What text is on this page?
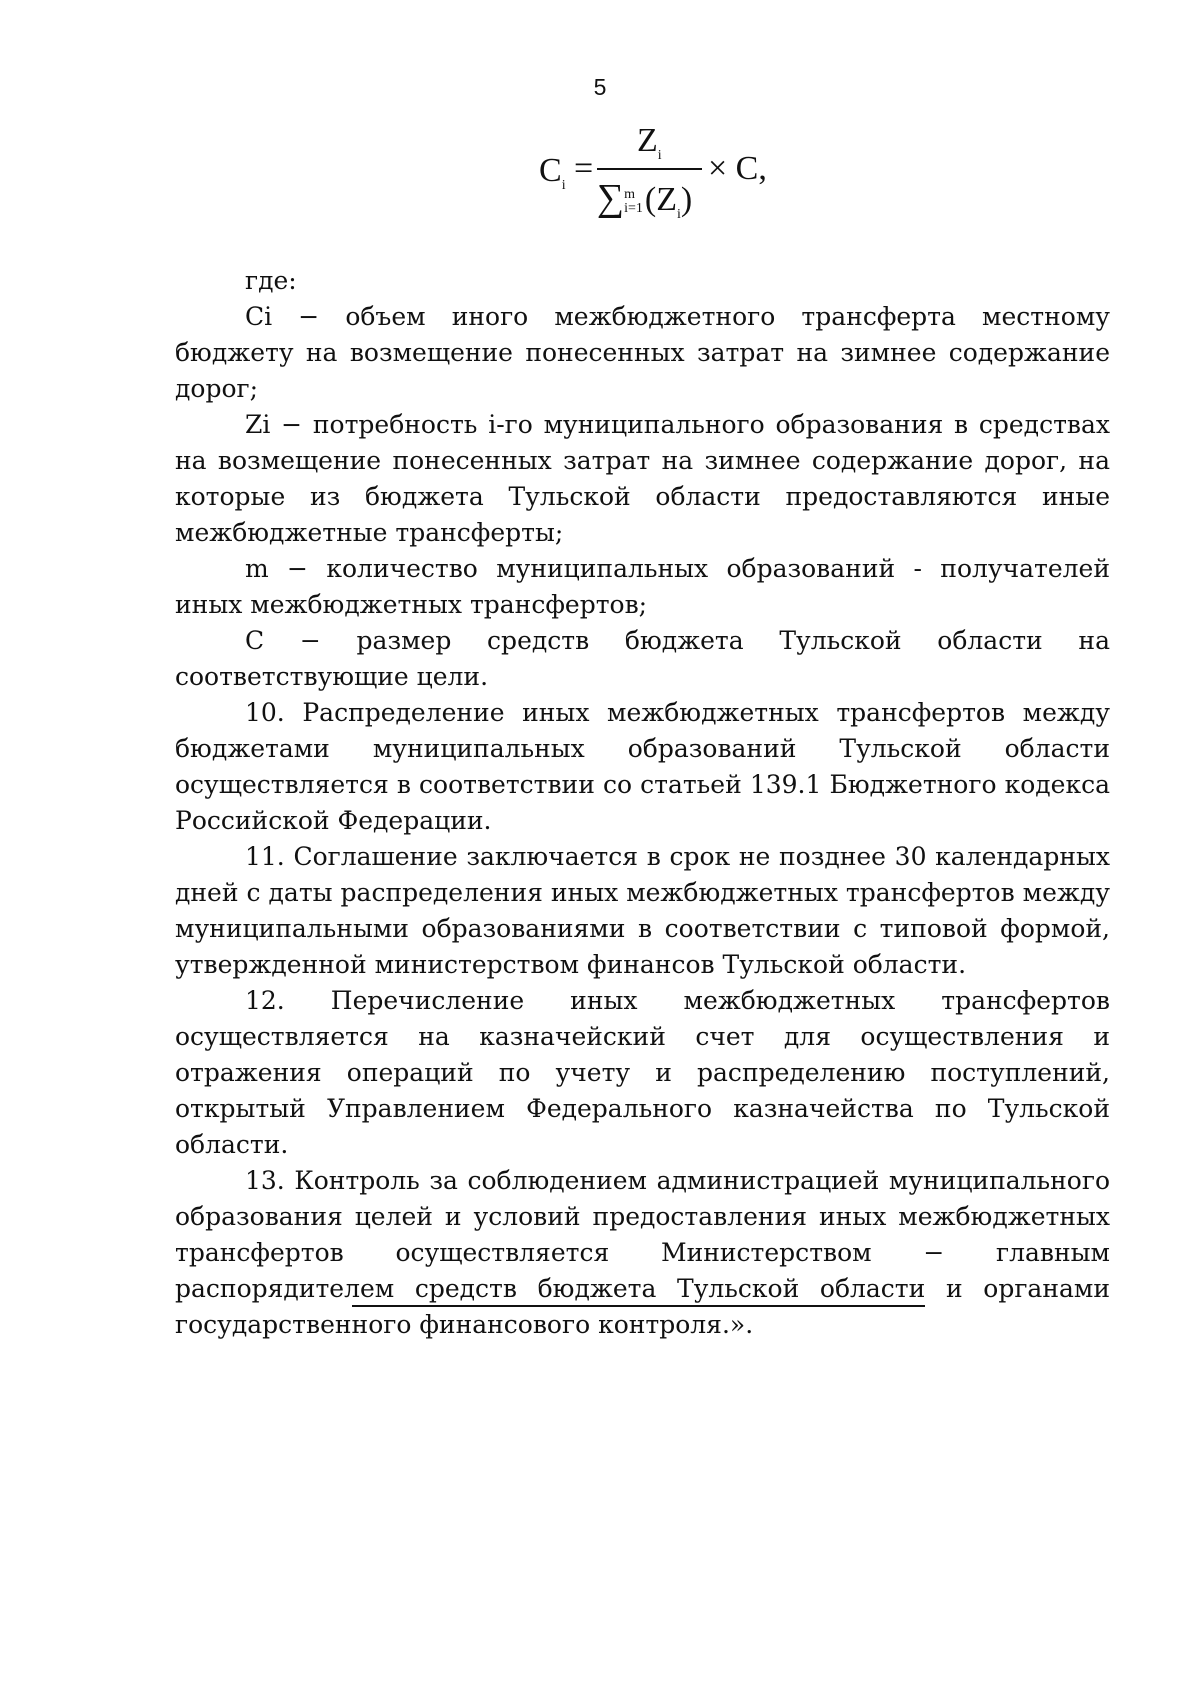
5
$C_i$ =
$Z_i$
∑m
$i=1(Z_i)$
× C,

где:

Ci − объем иного межбюджетного трансферта местному бюджету на возмещение понесенных затрат на зимнее содержание дорог;

Zi − потребность i-го муниципального образования в средствах на возмещение понесенных затрат на зимнее содержание дорог, на которые из бюджета Тульской области предоставляются иные межбюджетные трансферты;

m − количество муниципальных образований - получателей иных межбюджетных трансфертов;

С − размер средств бюджета Тульской области на соответствующие цели.

10. Распределение иных межбюджетных трансфертов между бюджетами муниципальных образований Тульской области осуществляется в соответствии со статьей 139.1 Бюджетного кодекса Российской Федерации.

11. Соглашение заключается в срок не позднее 30 календарных дней с даты распределения иных межбюджетных трансфертов между муниципальными образованиями в соответствии с типовой формой, утвержденной министерством финансов Тульской области.

12. Перечисление иных межбюджетных трансфертов осуществляется на казначейский счет для осуществления и отражения операций по учету и распределению поступлений, открытый Управлением Федерального казначейства по Тульской области.

13. Контроль за соблюдением администрацией муниципального образования целей и условий предоставления иных межбюджетных трансфертов осуществляется Министерством − главным распорядителем средств бюджета Тульской области и органами государственного финансового контроля.».
